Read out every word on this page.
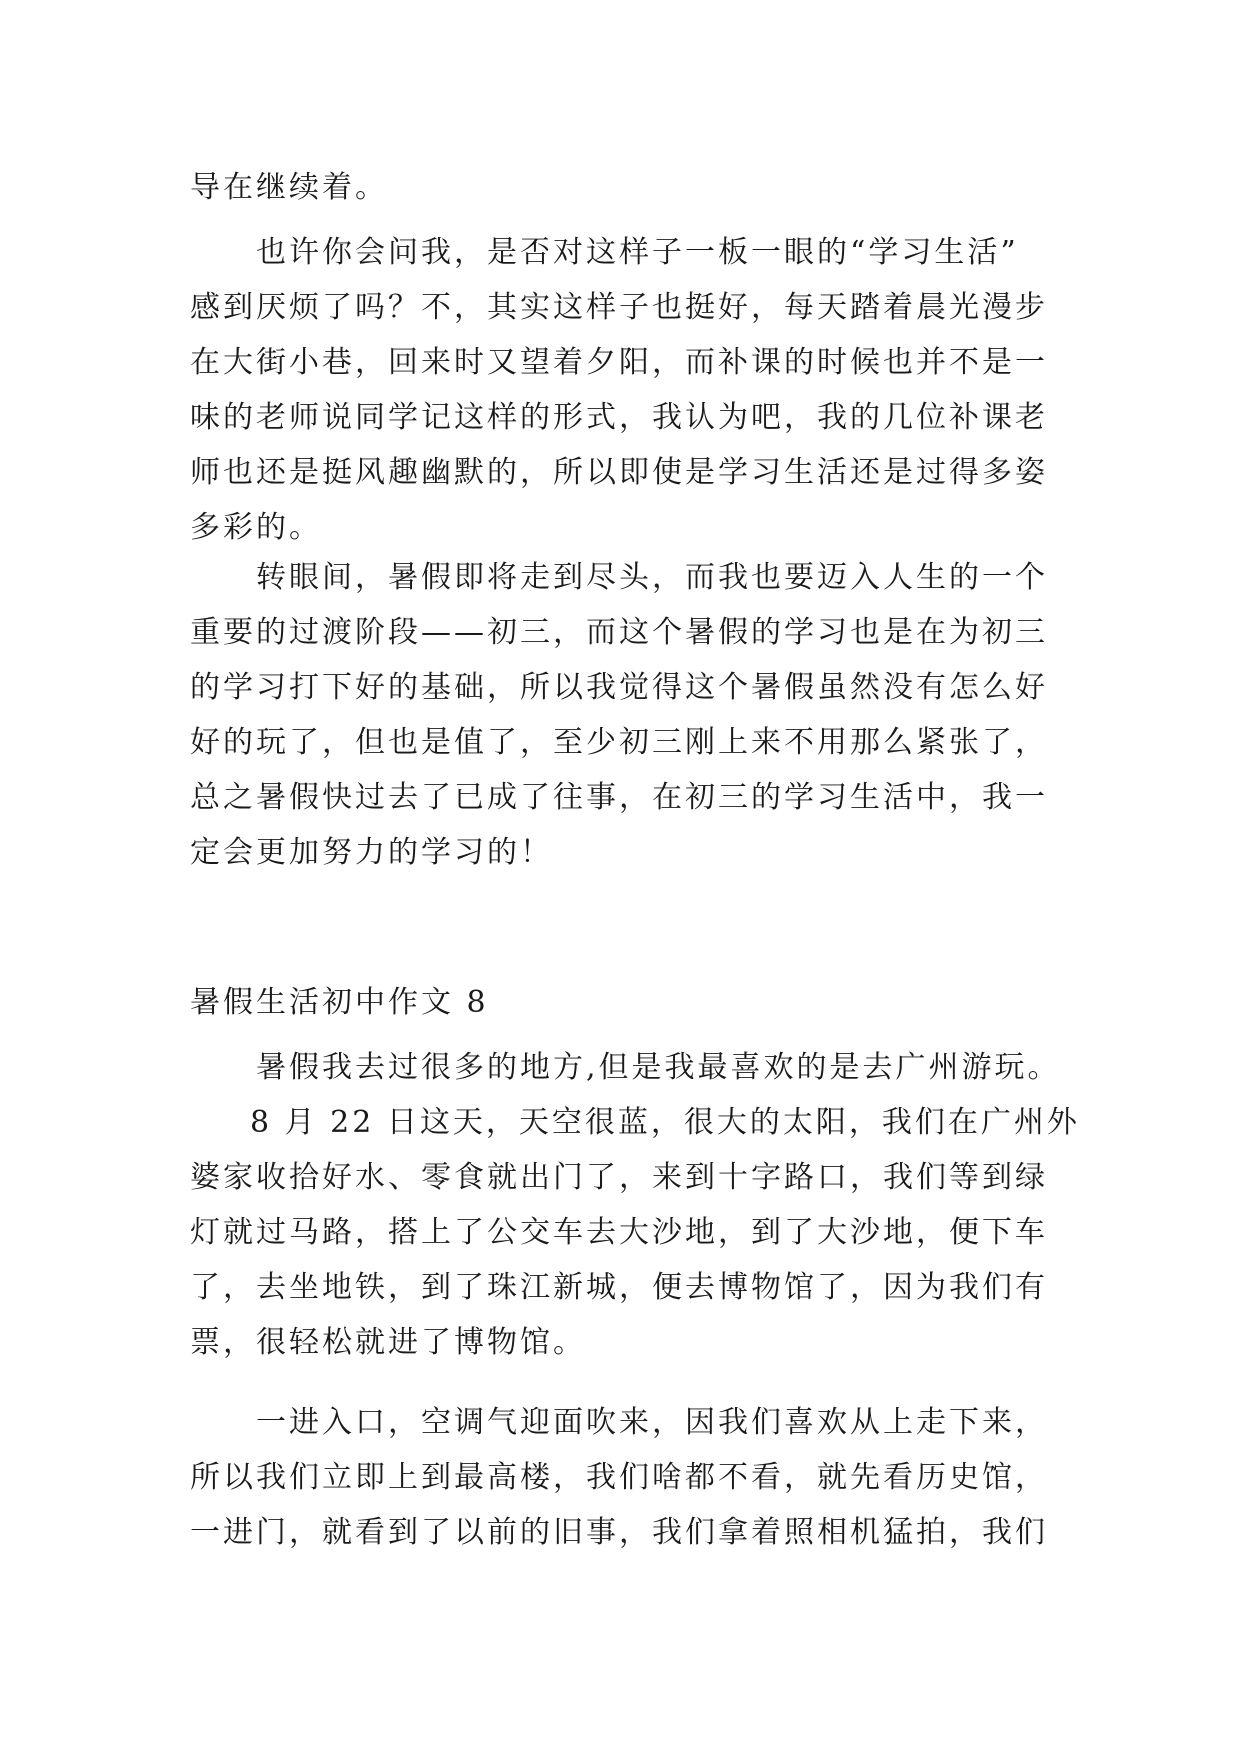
导在继续着。
也许你会问我，是否对这样子一板一眼的“学习生活”
感到厌烦了吗？不，其实这样子也挺好，每天踏着晨光漫步
在大街小巷，回来时又望着夕阳，而补课的时候也并不是一
味的老师说同学记这样的形式，我认为吧，我的几位补课老
师也还是挺风趣幽默的，所以即使是学习生活还是过得多姿
多彩的。
转眼间，暑假即将走到尽头，而我也要迈入人生的一个
重要的过渡阶段——初三，而这个暑假的学习也是在为初三
的学习打下好的基础，所以我觉得这个暑假虽然没有怎么好
好的玩了，但也是值了，至少初三刚上来不用那么紧张了，
总之暑假快过去了已成了往事，在初三的学习生活中，我一
定会更加努力的学习的！
暑假生活初中作文 8
暑假我去过很多的地方,但是我最喜欢的是去广州游玩。
8 月 22 日这天，天空很蓝，很大的太阳，我们在广州外
婆家收拾好水、零食就出门了，来到十字路口，我们等到绿
灯就过马路，搭上了公交车去大沙地，到了大沙地，便下车
了，去坐地铁，到了珠江新城，便去博物馆了，因为我们有
票，很轻松就进了博物馆。
一进入口，空调气迎面吹来，因我们喜欢从上走下来，
所以我们立即上到最高楼，我们啥都不看，就先看历史馆，
一进门，就看到了以前的旧事，我们拿着照相机猛拍，我们
